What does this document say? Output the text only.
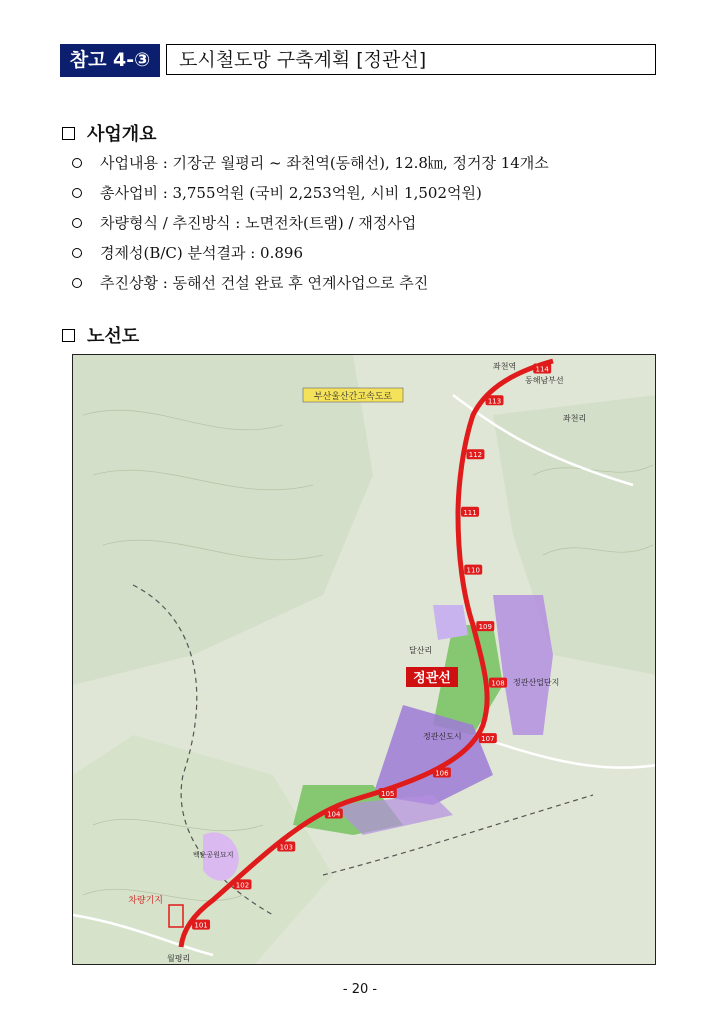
참고 4-③	도시철도망 구축계획 [정관선]
사업개요
사업내용 : 기장군 월평리 ~ 좌천역(동해선), 12.8㎞, 정거장 14개소
총사업비 : 3,755억원 (국비 2,253억원, 시비 1,502억원)
차량형식 / 추진방식 : 노면전차(트램) / 재정사업
경제성(B/C) 분석결과 : 0.896
추진상황 : 동해선 건설 완료 후 연계사업으로 추진
노선도
101
102
103
104
105
106
107
108
109
110
111
112
113
114
부산울산간고속도로
정관선
차량기지
동해남부선
좌천역
좌천리
달산리
정관산업단지
정관신도시
월평리
백운공원묘지
- 20 -
